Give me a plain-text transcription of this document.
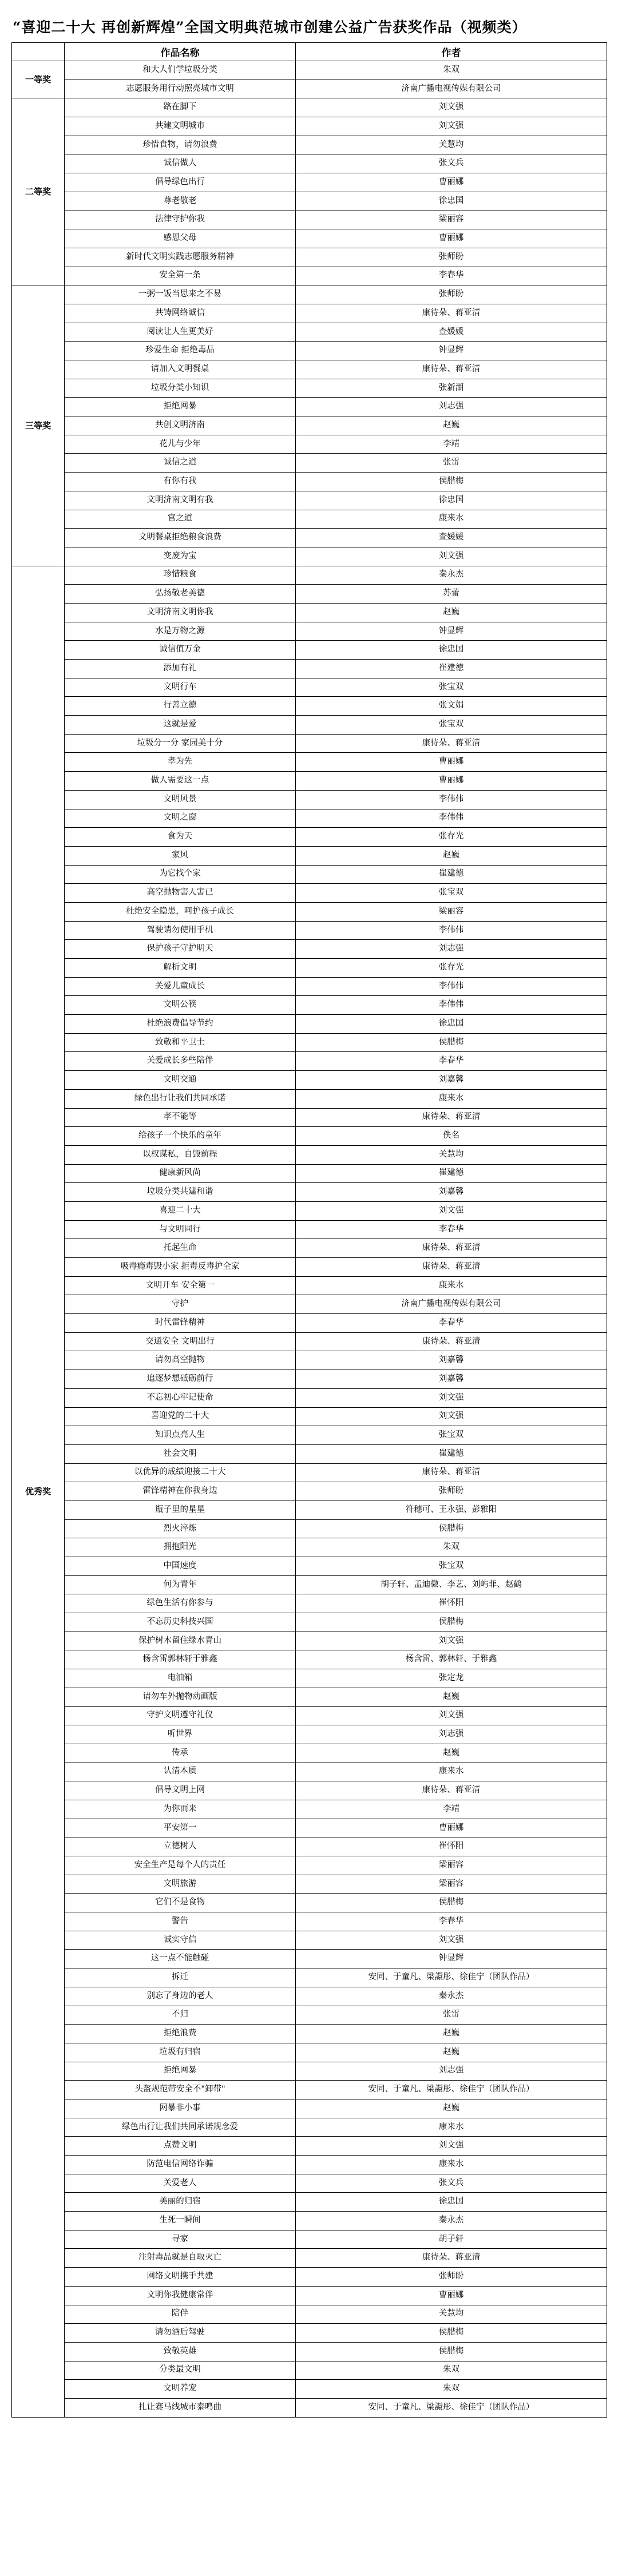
“喜迎二十大 再创新辉煌”全国文明典范城市创建公益广告获奖作品（视频类）
	作品名称	作者
一等奖	和大人们学垃圾分类	朱双
	志愿服务用行动照亮城市文明	济南广播电视传媒有限公司
二等奖	路在脚下	刘文强
	共建文明城市	刘文强
	珍惜食物，请勿浪费	关慧均
	诚信做人	张文兵
	倡导绿色出行	曹丽娜
	尊老敬老	徐忠国
	法律守护你我	梁丽容
	感恩父母	曹丽娜
	新时代文明实践志愿服务精神	张师盼
	安全第一条	李春华
三等奖	一粥一饭当思来之不易	张师盼
	共铸网络诚信	康待朵、蒋亚清
	阅读让人生更美好	查媛媛
	珍爱生命 拒绝毒品	钟显辉
	请加入文明餐桌	康待朵、蒋亚清
	垃圾分类小知识	张新湖
	拒绝网暴	刘志强
	共创文明济南	赵巍
	花儿与少年	李靖
	诚信之道	张雷
	有你有我	侯腊梅
	文明济南文明有我	徐忠国
	官之道	康来水
	文明餐桌拒绝粮食浪费	查媛媛
	变废为宝	刘文强
优秀奖	珍惜粮食	秦永杰
	弘扬敬老美德	苏蕾
	文明济南文明你我	赵巍
	水是万物之源	钟显辉
	诚信值万金	徐忠国
	添加有礼	崔建德
	文明行车	张宝双
	行善立德	张文娟
	这就是爱	张宝双
	垃圾分一分 家园美十分	康待朵、蒋亚清
	孝为先	曹丽娜
	做人需要这一点	曹丽娜
	文明风景	李伟伟
	文明之窗	李伟伟
	食为天	张存光
	家风	赵巍
	为它找个家	崔建德
	高空抛物害人害已	张宝双
	杜绝安全隐患，呵护孩子成长	梁丽容
	驾驶请勿使用手机	李伟伟
	保护孩子守护明天	刘志强
	解析文明	张存光
	关爱儿童成长	李伟伟
	文明公筷	李伟伟
	杜绝浪费倡导节约	徐忠国
	致敬和平卫士	侯腊梅
	关爱成长多些陪伴	李春华
	文明交通	刘嘉馨
	绿色出行让我们共同承诺	康来水
	孝不能等	康待朵、蒋亚清
	给孩子一个快乐的童年	佚名
	以权谋私，自毁前程	关慧均
	健康新风尚	崔建德
	垃圾分类共建和谐	刘嘉馨
	喜迎二十大	刘文强
	与文明同行	李春华
	托起生命	康待朵、蒋亚清
	吸毒瘾毒毁小家 拒毒反毒护全家	康待朵、蒋亚清
	文明开车 安全第一	康来水
	守护	济南广播电视传媒有限公司
	时代雷锋精神	李春华
	交通安全 文明出行	康待朵、蒋亚清
	请勿高空抛物	刘嘉馨
	追逐梦想砥砺前行	刘嘉馨
	不忘初心牢记使命	刘文强
	喜迎党的二十大	刘文强
	知识点亮人生	张宝双
	社会文明	崔建德
	以优异的成绩迎接二十大	康待朵、蒋亚清
	雷锋精神在你我身边	张师盼
	瓶子里的星星	符穗可、王永强、彭雅阳
	烈火淬炼	侯腊梅
	拥抱阳光	朱双
	中国速度	张宝双
	何为青年	胡子轩、孟迪微、李艺、刘屿菲、赵鹤
	绿色生活有你参与	崔怀阳
	不忘历史科技兴国	侯腊梅
	保护树木留住绿水青山	刘文强
	杨含雷郭林轩于雅鑫	杨含雷、郭林轩、于雅鑫
	电油箱	张定龙
	请勿车外抛物动画版	赵巍
	守护文明遵守礼仪	刘文强
	听世界	刘志强
	传承	赵巍
	认清本质	康来水
	倡导文明上网	康待朵、蒋亚清
	为你而来	李靖
	平安第一	曹丽娜
	立德树人	崔怀阳
	安全生产是每个人的责任	梁丽容
	文明旅游	梁丽容
	它们不是食物	侯腊梅
	警告	李春华
	诚实守信	刘文强
	这一点不能触碰	钟显辉
	拆迁	安同、于童凡、梁譞彤、徐佳宁（团队作品）
	别忘了身边的老人	秦永杰
	不归	张雷
	拒绝浪费	赵巍
	垃圾有归宿	赵巍
	拒绝网暴	刘志强
	头盔规范带安全不"卸带"	安同、于童凡、梁譞彤、徐佳宁（团队作品）
	网暴非小事	赵巍
	绿色出行让我们共同承诺规念爱	康来水
	点赞文明	刘文强
	防范电信网络诈骗	康来水
	关爱老人	张文兵
	美丽的归宿	徐忠国
	生死一瞬间	秦永杰
	寻家	胡子轩
	注射毒品就是自取灭亡	康待朵、蒋亚清
	网络文明携手共建	张师盼
	文明你我健康常伴	曹丽娜
	陪伴	关慧均
	请勿酒后驾驶	侯腊梅
	致敬英雄	侯腊梅
	分类最文明	朱双
	文明养宠	朱双
	扎让赛马线城市泰鸣曲	安同、于童凡、梁譞彤、徐佳宁（团队作品）
